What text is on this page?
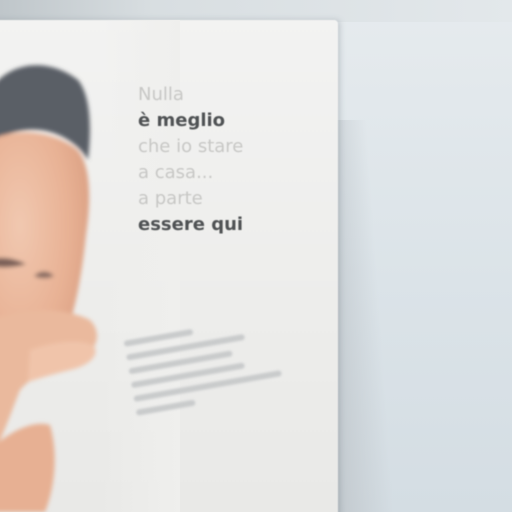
Nulla
è meglio
che io stare
a casa...
a parte
essere qui
